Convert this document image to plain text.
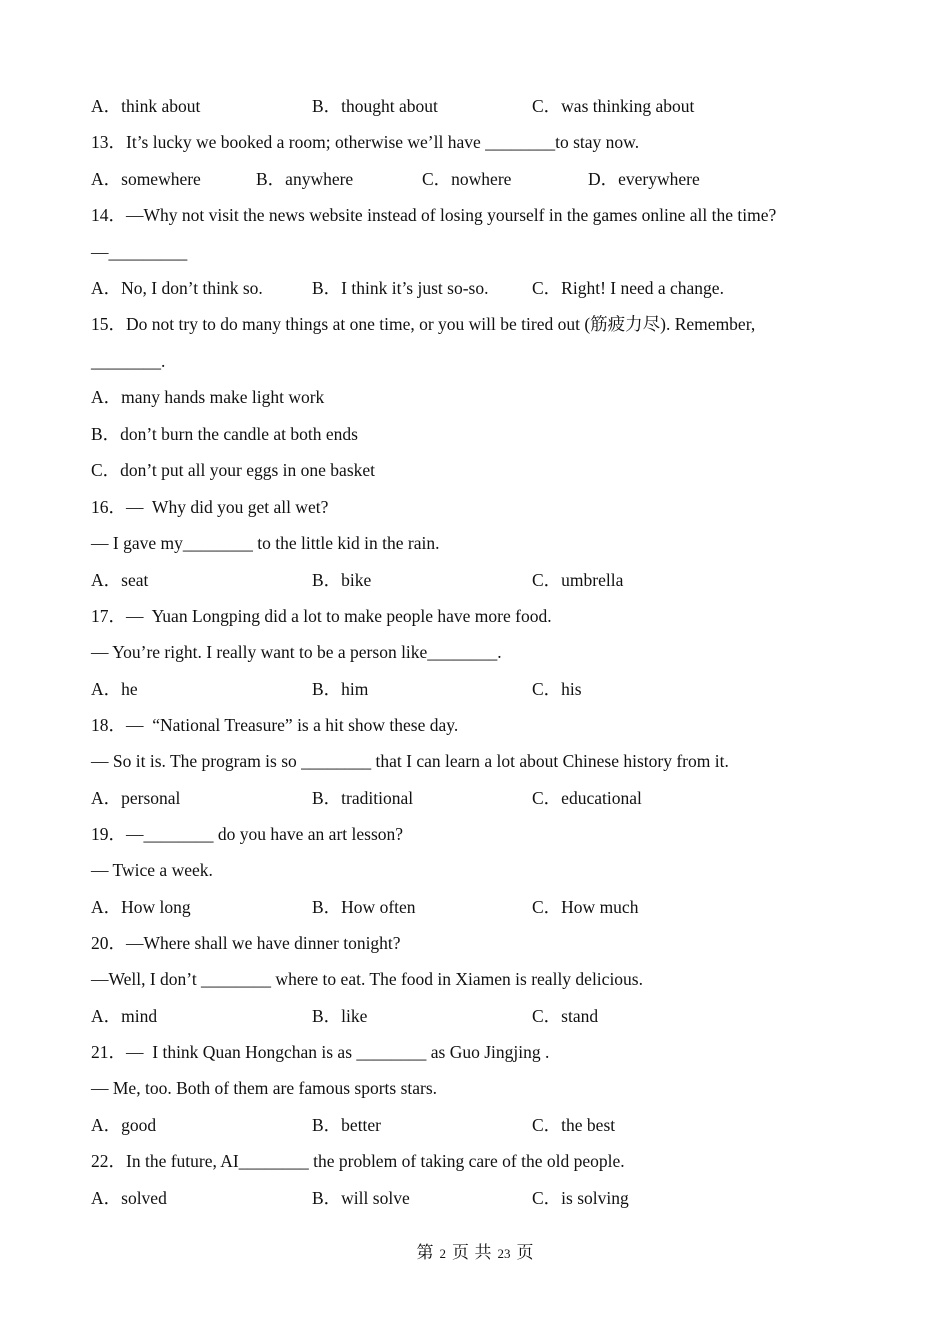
A．think about	B．thought about	C．was thinking about
13．It’s lucky we booked a room; otherwise we’ll have ________to stay now.
A．somewhere	B．anywhere	C．nowhere	D．everywhere
14．—Why not visit the news website instead of losing yourself in the games online all the time?
—_________
A．No, I don’t think so.	B．I think it’s just so-so. C．Right! I need a change.
15．Do not try to do many things at one time, or you will be tired out (筋疲力尽). Remember,
________.
A．many hands make light work
B．don’t burn the candle at both ends
C．don’t put all your eggs in one basket
16．—  Why did you get all wet?
— I gave my________ to the little kid in the rain.
A．seat	B．bike	C．umbrella
17．—  Yuan Longping did a lot to make people have more food.
— You’re right. I really want to be a person like________.
A．he	B．him	C．his
18．—  “National Treasure” is a hit show these day.
— So it is. The program is so ________ that I can learn a lot about Chinese history from it.
A．personal	B．traditional	C．educational
19．—________ do you have an art lesson?
— Twice a week.
A．How long	B．How often	C．How much
20．—Where shall we have dinner tonight?
—Well, I don’t ________ where to eat. The food in Xiamen is really delicious.
A．mind	B．like	C．stand
21．—  I think Quan Hongchan is as ________ as Guo Jingjing .
— Me, too. Both of them are famous sports stars.
A．good	B．better	C．the best
22．In the future, AI________ the problem of taking care of the old people.
A．solved	B．will solve	C．is solving
第 2 页 共 23 页
